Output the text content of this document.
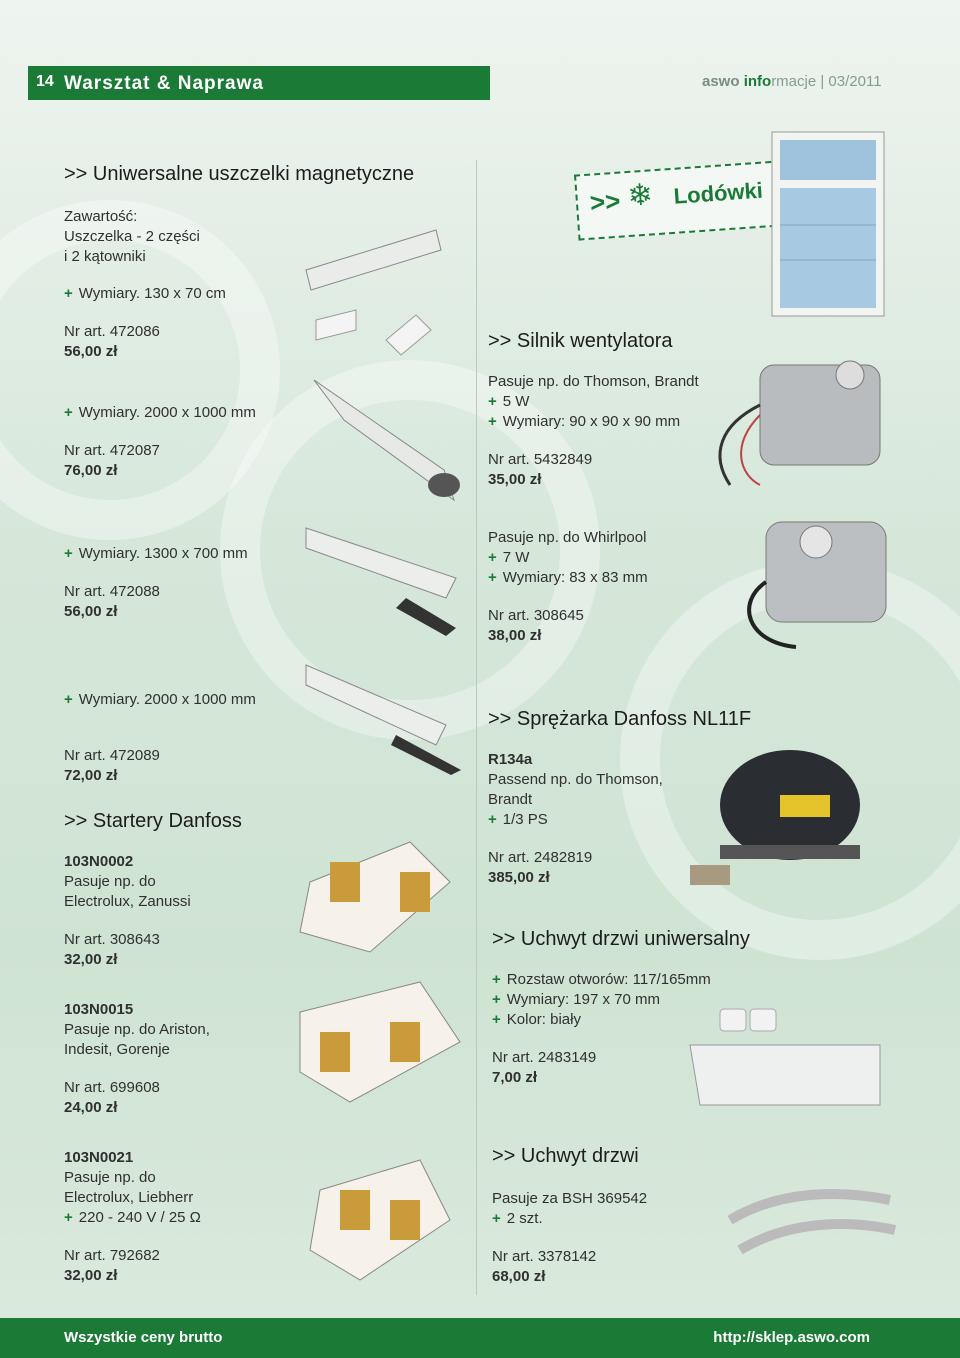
14 Warsztat & Naprawa	aswo informacje | 03/2011
>> ❄ Lodówki
>> Uniwersalne uszczelki magnetyczne
Zawartość:
Uszczelka - 2 części
i 2 kątowniki
+ Wymiary. 130 x 70 cm
Nr art. 472086
56,00 zł
+ Wymiary. 2000 x 1000 mm
Nr art. 472087
76,00 zł
+ Wymiary. 1300 x 700 mm
Nr art. 472088
56,00 zł
+ Wymiary. 2000 x 1000 mm
Nr art. 472089
72,00 zł
>> Startery Danfoss
103N0002
Pasuje np. do
Electrolux, Zanussi
Nr art. 308643
32,00 zł
103N0015
Pasuje np. do Ariston,
Indesit, Gorenje
Nr art. 699608
24,00 zł
103N0021
Pasuje np. do
Electrolux, Liebherr
+ 220 - 240 V / 25 Ω
Nr art. 792682
32,00 zł
>> Silnik wentylatora
Pasuje np. do Thomson, Brandt
+ 5 W
+ Wymiary: 90 x 90 x 90 mm
Nr art. 5432849
35,00 zł
Pasuje np. do Whirlpool
+ 7 W
+ Wymiary: 83 x 83 mm
Nr art. 308645
38,00 zł
>> Sprężarka Danfoss NL11F
R134a
Passend np. do Thomson,
Brandt
+ 1/3 PS
Nr art. 2482819
385,00 zł
>> Uchwyt drzwi uniwersalny
+ Rozstaw otworów: 117/165mm
+ Wymiary: 197 x 70 mm
+ Kolor: biały
Nr art. 2483149
7,00 zł
>> Uchwyt drzwi
Pasuje za BSH 369542
+ 2 szt.
Nr art. 3378142
68,00 zł
Wszystkie ceny brutto	http://sklep.aswo.com
